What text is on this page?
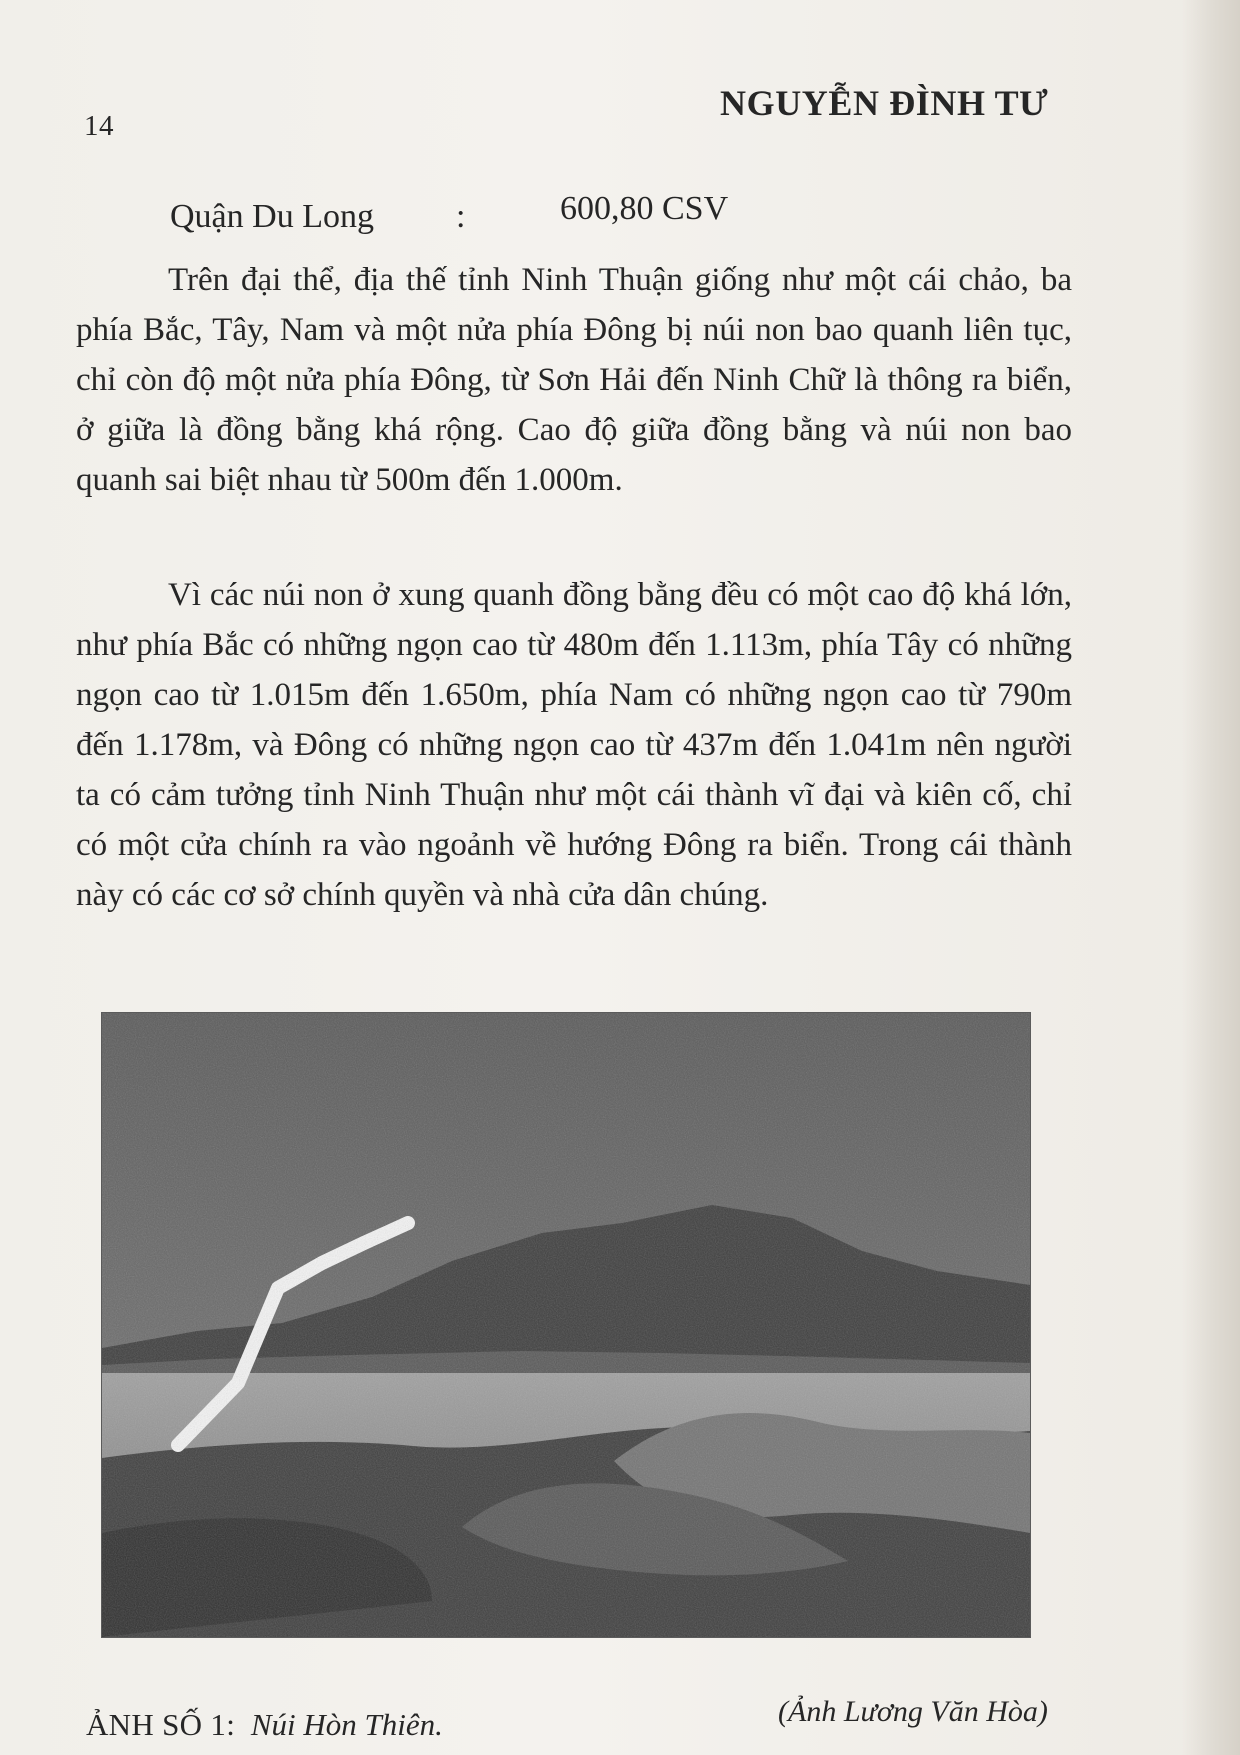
14
NGUYỄN ĐÌNH TƯ
Quận Du Long :	600,80 CSV

Trên đại thể, địa thế tỉnh Ninh Thuận giống như một cái chảo, ba phía Bắc, Tây, Nam và một nửa phía Đông bị núi non bao quanh liên tục, chỉ còn độ một nửa phía Đông, từ Sơn Hải đến Ninh Chữ là thông ra biển, ở giữa là đồng bằng khá rộng. Cao độ giữa đồng bằng và núi non bao quanh sai biệt nhau từ 500m đến 1.000m.

Vì các núi non ở xung quanh đồng bằng đều có một cao độ khá lớn, như phía Bắc có những ngọn cao từ 480m đến 1.113m, phía Tây có những ngọn cao từ 1.015m đến 1.650m, phía Nam có những ngọn cao từ 790m đến 1.178m, và Đông có những ngọn cao từ 437m đến 1.041m nên người ta có cảm tưởng tỉnh Ninh Thuận như một cái thành vĩ đại và kiên cố, chỉ có một cửa chính ra vào ngoảnh về hướng Đông ra biển. Trong cái thành này có các cơ sở chính quyền và nhà cửa dân chúng.

ẢNH SỐ 1: Núi Hòn Thiên.	(Ảnh Lương Văn Hòa)
